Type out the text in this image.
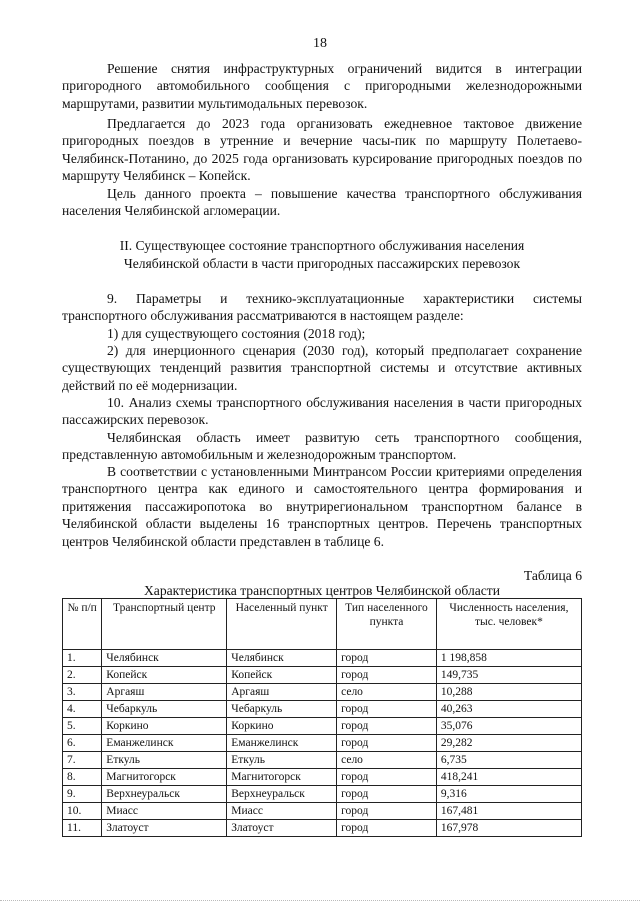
18

Решение снятия инфраструктурных ограничений видится в интеграции пригородного автомобильного сообщения с пригородными железнодорожными маршрутами, развитии мультимодальных перевозок.

Предлагается до 2023 года организовать ежедневное тактовое движение пригородных поездов в утренние и вечерние часы-пик по маршруту Полетаево-Челябинск-Потанино, до 2025 года организовать курсирование пригородных поездов по маршруту Челябинск – Копейск.

Цель данного проекта – повышение качества транспортного обслуживания населения Челябинской агломерации.

II. Существующее состояние транспортного обслуживания населения

Челябинской области в части пригородных пассажирских перевозок

9. Параметры и технико-эксплуатационные характеристики системы транспортного обслуживания рассматриваются в настоящем разделе:

1) для существующего состояния (2018 год);

2) для инерционного сценария (2030 год), который предполагает сохранение существующих тенденций развития транспортной системы и отсутствие активных действий по её модернизации.

10. Анализ схемы транспортного обслуживания населения в части пригородных пассажирских перевозок.

Челябинская область имеет развитую сеть транспортного сообщения, представленную автомобильным и железнодорожным транспортом.

В соответствии с установленными Минтрансом России критериями определения транспортного центра как единого и самостоятельного центра формирования и притяжения пассажиропотока во внутрирегиональном транспортном балансе в Челябинской области выделены 16 транспортных центров. Перечень транспортных центров Челябинской области представлен в таблице 6.

Таблица 6
Характеристика транспортных центров Челябинской области
№ п/п	Транспортный центр	Населенный пункт	Тип населенного пункта	Численность населения, тыс. человек*
1.	Челябинск	Челябинск	город	1 198,858
2.	Копейск	Копейск	город	149,735
3.	Аргаяш	Аргаяш	село	10,288
4.	Чебаркуль	Чебаркуль	город	40,263
5.	Коркино	Коркино	город	35,076
6.	Еманжелинск	Еманжелинск	город	29,282
7.	Еткуль	Еткуль	село	6,735
8.	Магнитогорск	Магнитогорск	город	418,241
9.	Верхнеуральск	Верхнеуральск	город	9,316
10.	Миасс	Миасс	город	167,481
11.	Златоуст	Златоуст	город	167,978
